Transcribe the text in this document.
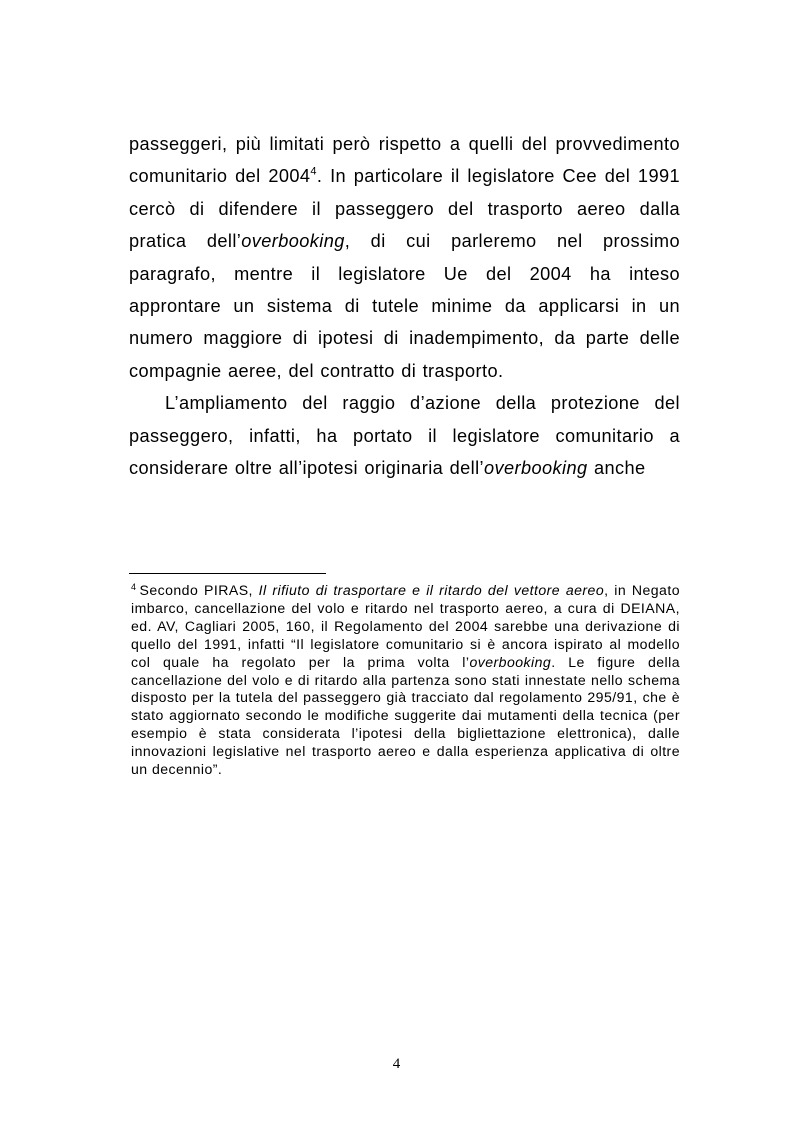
passeggeri, più limitati però rispetto a quelli del provvedimento comunitario del 2004$^4$. In particolare il legislatore Cee del 1991 cercò di difendere il passeggero del trasporto aereo dalla pratica dell’overbooking, di cui parleremo nel prossimo paragrafo, mentre il legislatore Ue del 2004 ha inteso approntare un sistema di tutele minime da applicarsi in un numero maggiore di ipotesi di inadempimento, da parte delle compagnie aeree, del contratto di trasporto.

L’ampliamento del raggio d’azione della protezione del passeggero, infatti, ha portato il legislatore comunitario a considerare oltre all’ipotesi originaria dell’overbooking anche

$^4$ Secondo PIRAS, Il rifiuto di trasportare e il ritardo del vettore aereo, in Negato imbarco, cancellazione del volo e ritardo nel trasporto aereo, a cura di DEIANA, ed. AV, Cagliari 2005, 160, il Regolamento del 2004 sarebbe una derivazione di quello del 1991, infatti “Il legislatore comunitario si è ancora ispirato al modello col quale ha regolato per la prima volta l’overbooking. Le figure della cancellazione del volo e di ritardo alla partenza sono stati innestate nello schema disposto per la tutela del passeggero già tracciato dal regolamento 295/91, che è stato aggiornato secondo le modifiche suggerite dai mutamenti della tecnica (per esempio è stata considerata l’ipotesi della bigliettazione elettronica), dalle innovazioni legislative nel trasporto aereo e dalla esperienza applicativa di oltre un decennio”.

4
